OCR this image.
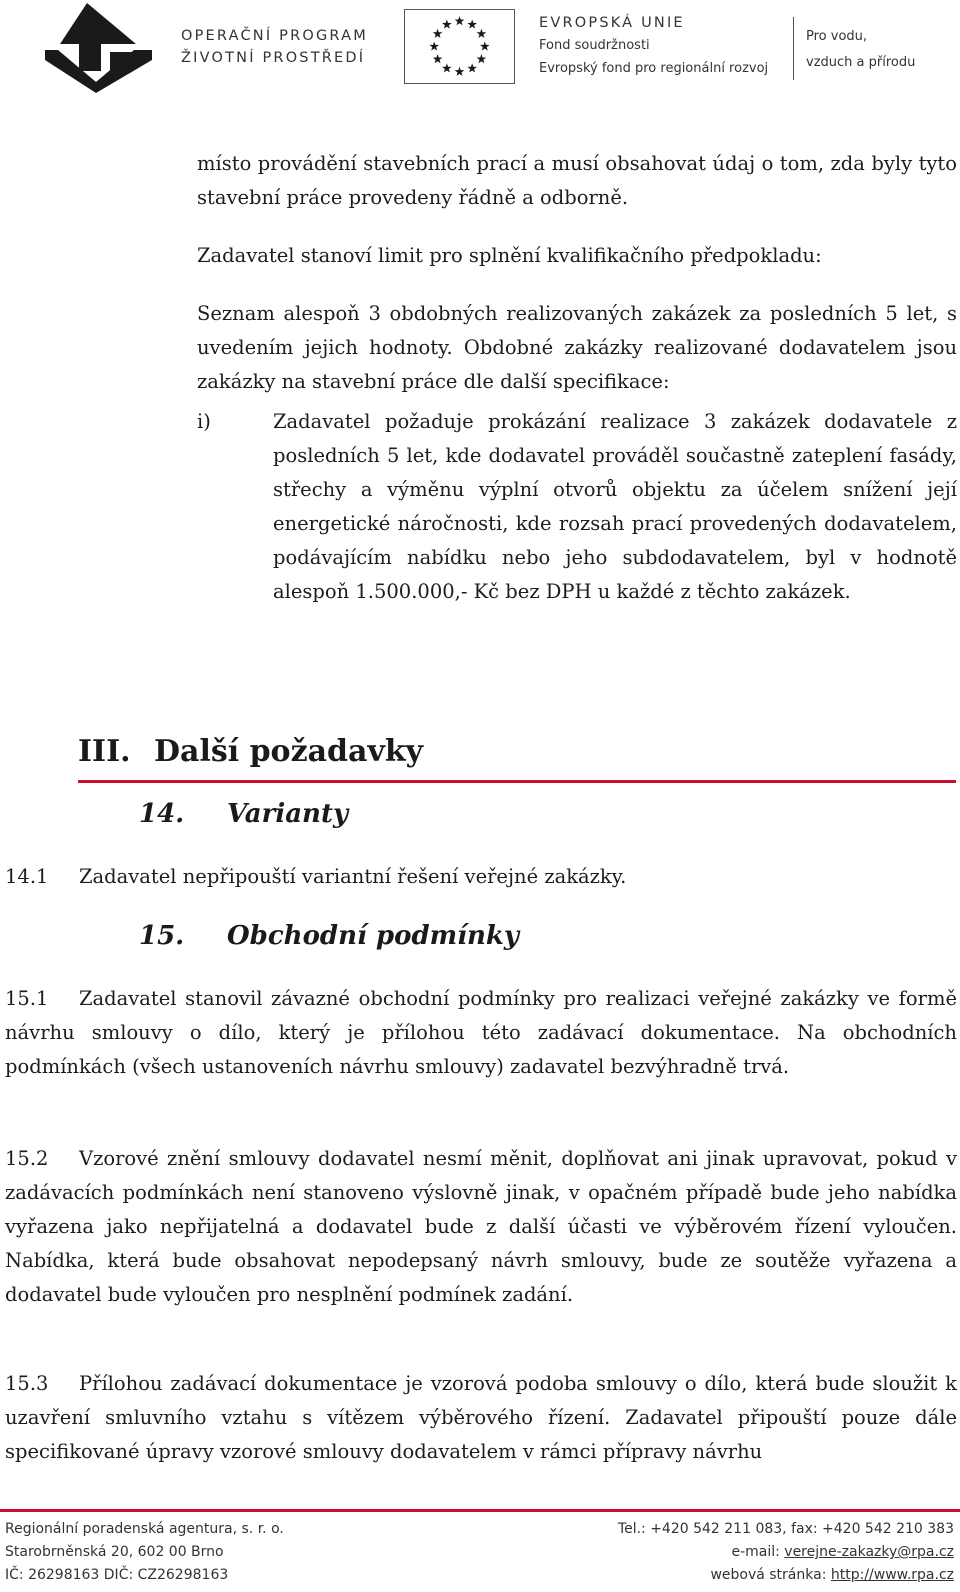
OPERAČNÍ PROGRAM
ŽIVOTNÍ PROSTŘEDÍ
EVROPSKÁ UNIE
Fond soudržnosti
Evropský fond pro regionální rozvoj
Pro vodu,
vzduch a přírodu
místo provádění stavebních prací a musí obsahovat údaj o tom, zda byly tyto stavební práce provedeny řádně a odborně.
Zadavatel stanoví limit pro splnění kvalifikačního předpokladu:
Seznam alespoň 3 obdobných realizovaných zakázek za posledních 5 let, s uvedením jejich hodnoty. Obdobné zakázky realizované dodavatelem jsou zakázky na stavební práce dle další specifikace:
i)	Zadavatel požaduje prokázání realizace 3 zakázek dodavatele z posledních 5 let, kde dodavatel prováděl součastně zateplení fasády, střechy a výměnu výplní otvorů objektu za účelem snížení její energetické náročnosti, kde rozsah prací provedených dodavatelem, podávajícím nabídku nebo jeho subdodavatelem, byl v hodnotě alespoň 1.500.000,- Kč bez DPH u každé z těchto zakázek.
III. Další požadavky
14. Varianty
14.1 Zadavatel nepřipouští variantní řešení veřejné zakázky.
15. Obchodní podmínky
15.1 Zadavatel stanovil závazné obchodní podmínky pro realizaci veřejné zakázky ve formě návrhu smlouvy o dílo, který je přílohou této zadávací dokumentace. Na obchodních podmínkách (všech ustanoveních návrhu smlouvy) zadavatel bezvýhradně trvá.
15.2 Vzorové znění smlouvy dodavatel nesmí měnit, doplňovat ani jinak upravovat, pokud v zadávacích podmínkách není stanoveno výslovně jinak, v opačném případě bude jeho nabídka vyřazena jako nepřijatelná a dodavatel bude z další účasti ve výběrovém řízení vyloučen. Nabídka, která bude obsahovat nepodepsaný návrh smlouvy, bude ze soutěže vyřazena a dodavatel bude vyloučen pro nesplnění podmínek zadání.
15.3 Přílohou zadávací dokumentace je vzorová podoba smlouvy o dílo, která bude sloužit k uzavření smluvního vztahu s vítězem výběrového řízení. Zadavatel připouští pouze dále specifikované úpravy vzorové smlouvy dodavatelem v rámci přípravy návrhu
Regionální poradenská agentura, s. r. o.
Starobrněnská 20, 602 00 Brno
IČ: 26298163 DIČ: CZ26298163
Tel.: +420 542 211 083, fax: +420 542 210 383
e-mail: verejne-zakazky@rpa.cz
webová stránka: http://www.rpa.cz
